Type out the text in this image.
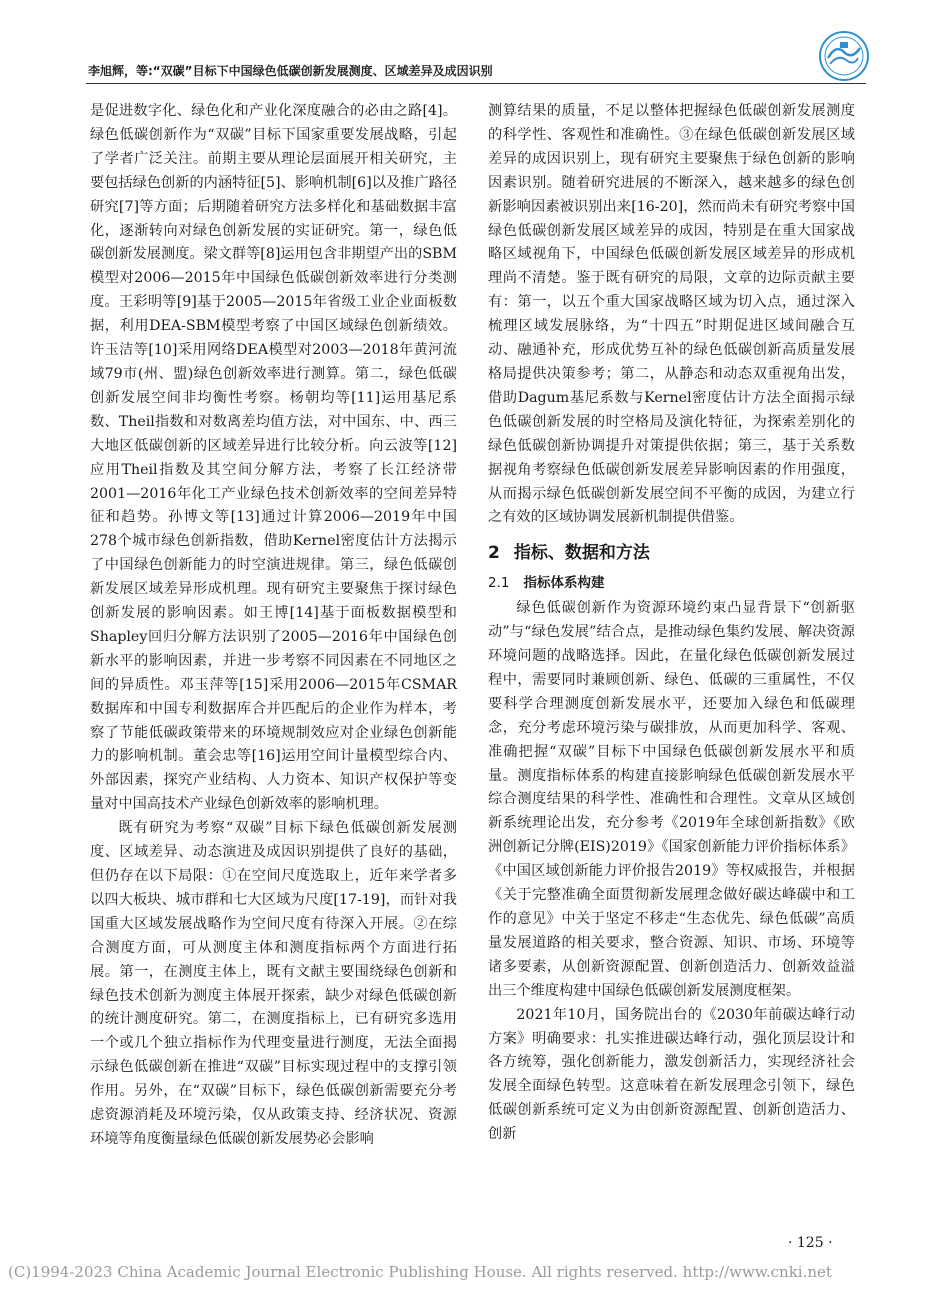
李旭辉，等:“双碳”目标下中国绿色低碳创新发展测度、区域差异及成因识别

是促进数字化、绿色化和产业化深度融合的必由之路[4]。绿色低碳创新作为“双碳”目标下国家重要发展战略，引起了学者广泛关注。前期主要从理论层面展开相关研究，主要包括绿色创新的内涵特征[5]、影响机制[6]以及推广路径研究[7]等方面；后期随着研究方法多样化和基础数据丰富化，逐渐转向对绿色创新发展的实证研究。第一，绿色低碳创新发展测度。梁文群等[8]运用包含非期望产出的SBM模型对2006—2015年中国绿色低碳创新效率进行分类测度。王彩明等[9]基于2005—2015年省级工业企业面板数据，利用DEA-SBM模型考察了中国区域绿色创新绩效。许玉洁等[10]采用网络DEA模型对2003—2018年黄河流域79市(州、盟)绿色创新效率进行测算。第二，绿色低碳创新发展空间非均衡性考察。杨朝均等[11]运用基尼系数、Theil指数和对数离差均值方法，对中国东、中、西三大地区低碳创新的区域差异进行比较分析。向云波等[12]应用Theil指数及其空间分解方法，考察了长江经济带2001—2016年化工产业绿色技术创新效率的空间差异特征和趋势。孙博文等[13]通过计算2006—2019年中国278个城市绿色创新指数，借助Kernel密度估计方法揭示了中国绿色创新能力的时空演进规律。第三，绿色低碳创新发展区域差异形成机理。现有研究主要聚焦于探讨绿色创新发展的影响因素。如王博[14]基于面板数据模型和Shapley回归分解方法识别了2005—2016年中国绿色创新水平的影响因素，并进一步考察不同因素在不同地区之间的异质性。邓玉萍等[15]采用2006—2015年CSMAR数据库和中国专利数据库合并匹配后的企业作为样本，考察了节能低碳政策带来的环境规制效应对企业绿色创新能力的影响机制。董会忠等[16]运用空间计量模型综合内、外部因素，探究产业结构、人力资本、知识产权保护等变量对中国高技术产业绿色创新效率的影响机理。

既有研究为考察“双碳”目标下绿色低碳创新发展测度、区域差异、动态演进及成因识别提供了良好的基础，但仍存在以下局限：①在空间尺度选取上，近年来学者多以四大板块、城市群和七大区域为尺度[17-19]，而针对我国重大区域发展战略作为空间尺度有待深入开展。②在综合测度方面，可从测度主体和测度指标两个方面进行拓展。第一，在测度主体上，既有文献主要围绕绿色创新和绿色技术创新为测度主体展开探索，缺少对绿色低碳创新的统计测度研究。第二，在测度指标上，已有研究多选用一个或几个独立指标作为代理变量进行测度，无法全面揭示绿色低碳创新在推进“双碳”目标实现过程中的支撑引领作用。另外，在“双碳”目标下，绿色低碳创新需要充分考虑资源消耗及环境污染，仅从政策支持、经济状况、资源环境等角度衡量绿色低碳创新发展势必会影响

测算结果的质量，不足以整体把握绿色低碳创新发展测度的科学性、客观性和准确性。③在绿色低碳创新发展区域差异的成因识别上，现有研究主要聚焦于绿色创新的影响因素识别。随着研究进展的不断深入，越来越多的绿色创新影响因素被识别出来[16-20]，然而尚未有研究考察中国绿色低碳创新发展区域差异的成因，特别是在重大国家战略区域视角下，中国绿色低碳创新发展区域差异的形成机理尚不清楚。鉴于既有研究的局限，文章的边际贡献主要有：第一，以五个重大国家战略区域为切入点，通过深入梳理区域发展脉络，为“十四五”时期促进区域间融合互动、融通补充，形成优势互补的绿色低碳创新高质量发展格局提供决策参考；第二，从静态和动态双重视角出发，借助Dagum基尼系数与Kernel密度估计方法全面揭示绿色低碳创新发展的时空格局及演化特征，为探索差别化的绿色低碳创新协调提升对策提供依据；第三，基于关系数据视角考察绿色低碳创新发展差异影响因素的作用强度，从而揭示绿色低碳创新发展空间不平衡的成因，为建立行之有效的区域协调发展新机制提供借鉴。

2 指标、数据和方法
2.1 指标体系构建

绿色低碳创新作为资源环境约束凸显背景下“创新驱动”与“绿色发展”结合点，是推动绿色集约发展、解决资源环境问题的战略选择。因此，在量化绿色低碳创新发展过程中，需要同时兼顾创新、绿色、低碳的三重属性，不仅要科学合理测度创新发展水平，还要加入绿色和低碳理念，充分考虑环境污染与碳排放，从而更加科学、客观、准确把握“双碳”目标下中国绿色低碳创新发展水平和质量。测度指标体系的构建直接影响绿色低碳创新发展水平综合测度结果的科学性、准确性和合理性。文章从区域创新系统理论出发，充分参考《2019年全球创新指数》《欧洲创新记分牌(EIS)2019》《国家创新能力评价指标体系》《中国区域创新能力评价报告2019》等权威报告，并根据《关于完整准确全面贯彻新发展理念做好碳达峰碳中和工作的意见》中关于坚定不移走“生态优先、绿色低碳”高质量发展道路的相关要求，整合资源、知识、市场、环境等诸多要素，从创新资源配置、创新创造活力、创新效益溢出三个维度构建中国绿色低碳创新发展测度框架。

2021年10月，国务院出台的《2030年前碳达峰行动方案》明确要求：扎实推进碳达峰行动，强化顶层设计和各方统筹，强化创新能力，激发创新活力，实现经济社会发展全面绿色转型。这意味着在新发展理念引领下，绿色低碳创新系统可定义为由创新资源配置、创新创造活力、创新

· 125 ·
(C)1994-2023 China Academic Journal Electronic Publishing House. All rights reserved. http://www.cnki.net
